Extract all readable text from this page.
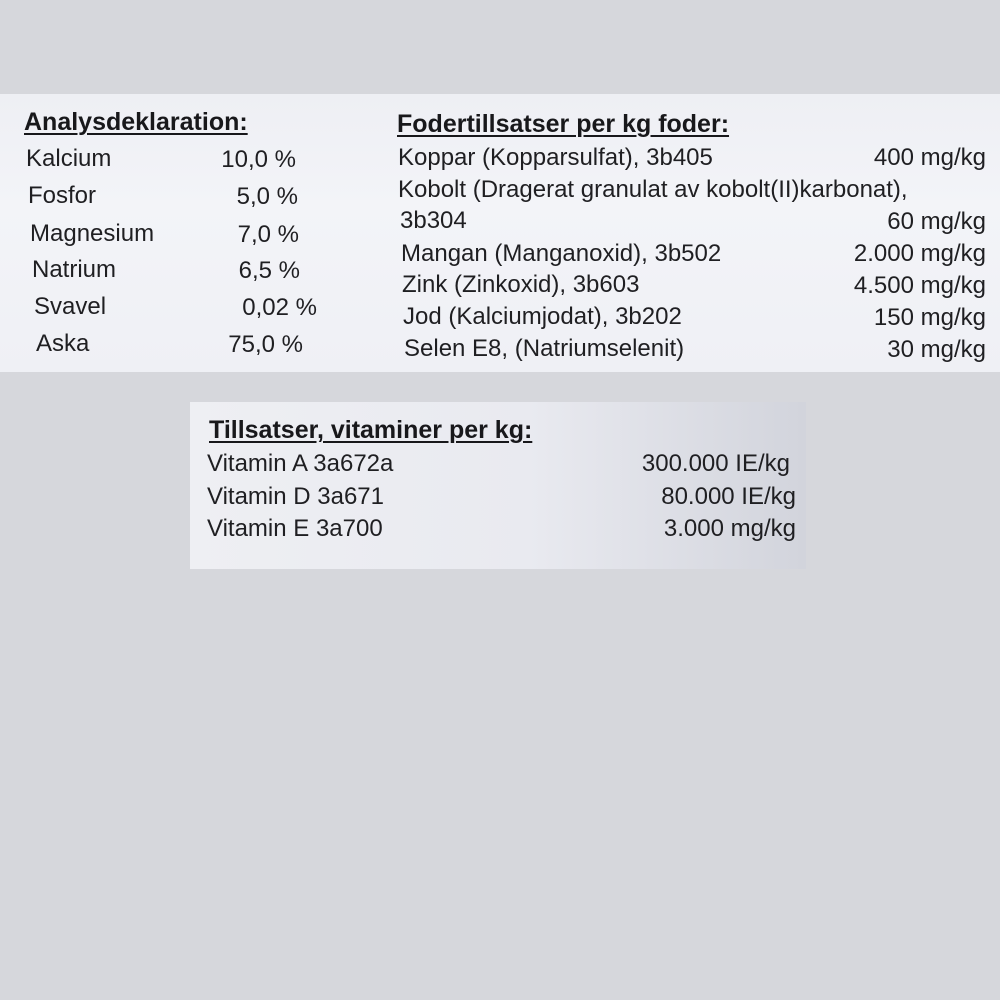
Analysdeklaration:
Kalcium	10,0 %
Fosfor	5,0 %
Magnesium	7,0 %
Natrium	6,5 %
Svavel	0,02 %
Aska	75,0 %
Fodertillsatser per kg foder:
Koppar (Kopparsulfat), 3b405	400 mg/kg
Kobolt (Dragerat granulat av kobolt(II)karbonat),
3b304	60 mg/kg
Mangan (Manganoxid), 3b502	2.000 mg/kg
Zink (Zinkoxid), 3b603	4.500 mg/kg
Jod (Kalciumjodat), 3b202	150 mg/kg
Selen E8, (Natriumselenit)	30 mg/kg
Tillsatser, vitaminer per kg:
Vitamin A 3a672a	300.000 IE/kg
Vitamin D 3a671	80.000 IE/kg
Vitamin E 3a700	3.000 mg/kg
